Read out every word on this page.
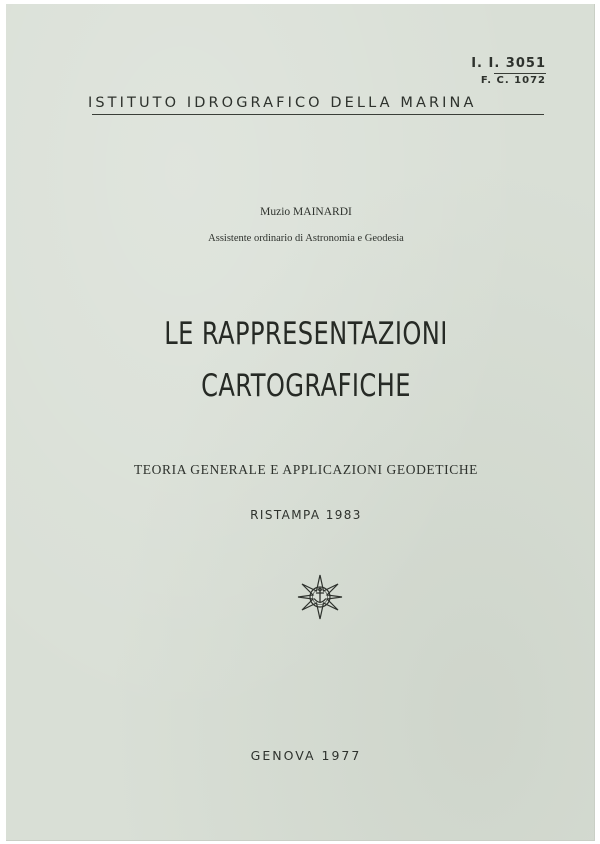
I. I. 3051
F. C. 1072
ISTITUTO IDROGRAFICO DELLA MARINA
Muzio MAINARDI
Assistente ordinario di Astronomia e Geodesia
LE RAPPRESENTAZIONI
CARTOGRAFICHE
TEORIA GENERALE E APPLICAZIONI GEODETICHE
RISTAMPA 1983
GENOVA 1977
